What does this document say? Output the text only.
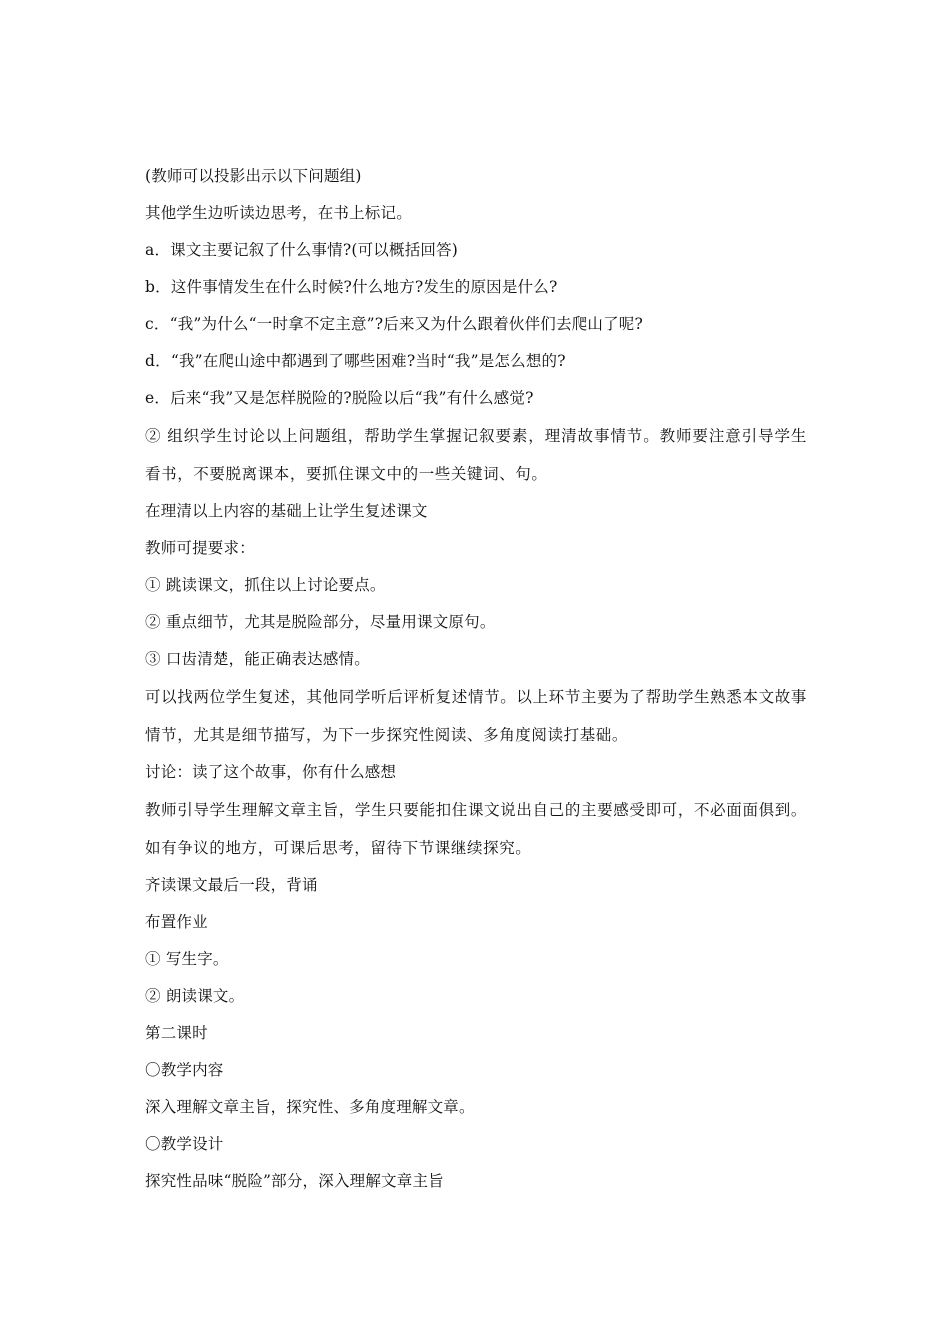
(教师可以投影出示以下问题组)
其他学生边听读边思考，在书上标记。
a．课文主要记叙了什么事情?(可以概括回答)
b．这件事情发生在什么时候?什么地方?发生的原因是什么?
c．“我”为什么“一时拿不定主意”?后来又为什么跟着伙伴们去爬山了呢?
d．“我”在爬山途中都遇到了哪些困难?当时“我”是怎么想的?
e．后来“我”又是怎样脱险的?脱险以后“我”有什么感觉?
② 组织学生讨论以上问题组，帮助学生掌握记叙要素，理清故事情节。教师要注意引导学生看书，不要脱离课本，要抓住课文中的一些关键词、句。
在理清以上内容的基础上让学生复述课文
教师可提要求：
① 跳读课文，抓住以上讨论要点。
② 重点细节，尤其是脱险部分，尽量用课文原句。
③ 口齿清楚，能正确表达感情。
可以找两位学生复述，其他同学听后评析复述情节。以上环节主要为了帮助学生熟悉本文故事情节，尤其是细节描写，为下一步探究性阅读、多角度阅读打基础。
讨论：读了这个故事，你有什么感想
教师引导学生理解文章主旨，学生只要能扣住课文说出自己的主要感受即可，不必面面俱到。如有争议的地方，可课后思考，留待下节课继续探究。
齐读课文最后一段，背诵
布置作业
① 写生字。
② 朗读课文。
第二课时
〇教学内容
深入理解文章主旨，探究性、多角度理解文章。
〇教学设计
探究性品味“脱险”部分，深入理解文章主旨
